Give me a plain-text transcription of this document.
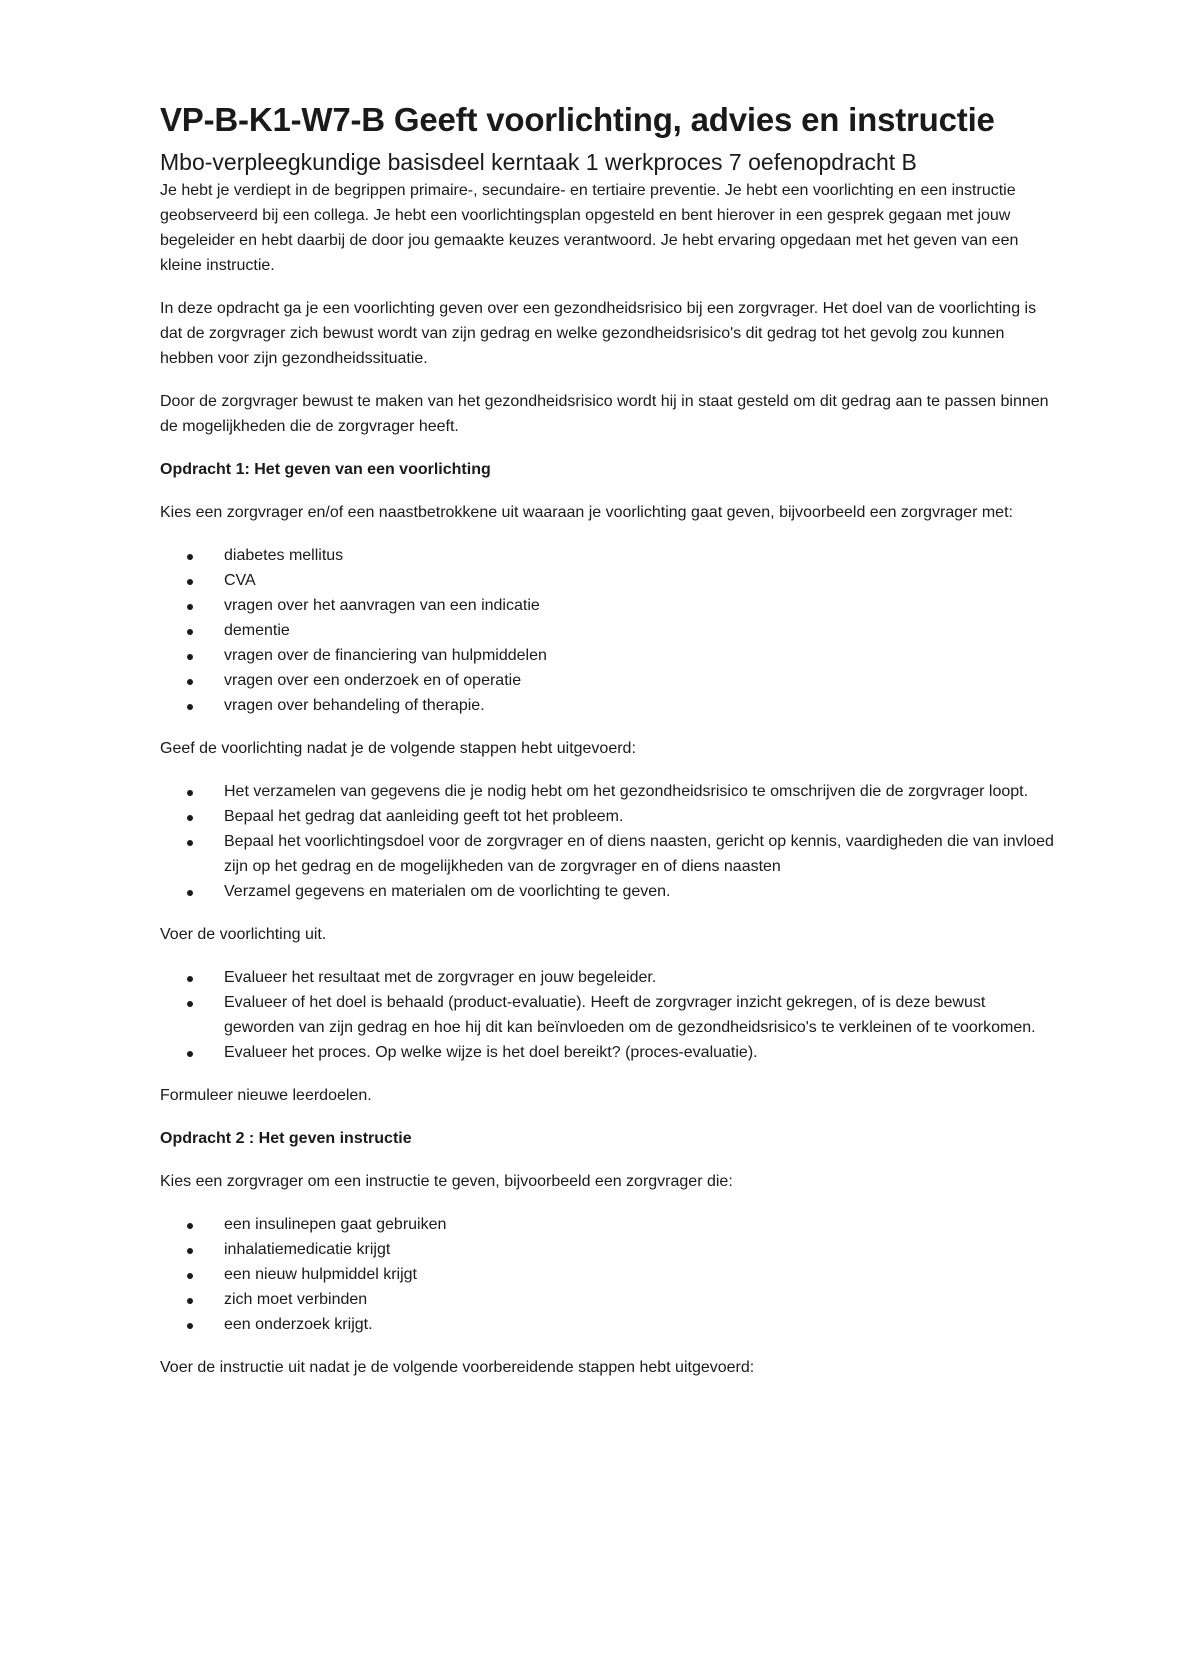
VP-B-K1-W7-B Geeft voorlichting, advies en instructie
Mbo-verpleegkundige basisdeel kerntaak 1 werkproces 7 oefenopdracht B

Je hebt je verdiept in de begrippen primaire-, secundaire- en tertiaire preventie. Je hebt een voorlichting en een instructie geobserveerd bij een collega. Je hebt een voorlichtingsplan opgesteld en bent hierover in een gesprek gegaan met jouw begeleider en hebt daarbij de door jou gemaakte keuzes verantwoord. Je hebt ervaring opgedaan met het geven van een kleine instructie.

In deze opdracht ga je een voorlichting geven over een gezondheidsrisico bij een zorgvrager. Het doel van de voorlichting is dat de zorgvrager zich bewust wordt van zijn gedrag en welke gezondheidsrisico's dit gedrag tot het gevolg zou kunnen hebben voor zijn gezondheidssituatie.

Door de zorgvrager bewust te maken van het gezondheidsrisico wordt hij in staat gesteld om dit gedrag aan te passen binnen de mogelijkheden die de zorgvrager heeft.

Opdracht 1: Het geven van een voorlichting

Kies een zorgvrager en/of een naastbetrokkene uit waaraan je voorlichting gaat geven, bijvoorbeeld een zorgvrager met:

diabetes mellitus
CVA
vragen over het aanvragen van een indicatie
dementie
vragen over de financiering van hulpmiddelen
vragen over een onderzoek en of operatie
vragen over behandeling of therapie.

Geef de voorlichting nadat je de volgende stappen hebt uitgevoerd:

Het verzamelen van gegevens die je nodig hebt om het gezondheidsrisico te omschrijven die de zorgvrager loopt.
Bepaal het gedrag dat aanleiding geeft tot het probleem.
Bepaal het voorlichtingsdoel voor de zorgvrager en of diens naasten, gericht op kennis, vaardigheden die van invloed zijn op het gedrag en de mogelijkheden van de zorgvrager en of diens naasten
Verzamel gegevens en materialen om de voorlichting te geven.

Voer de voorlichting uit.

Evalueer het resultaat met de zorgvrager en jouw begeleider.
Evalueer of het doel is behaald (product-evaluatie). Heeft de zorgvrager inzicht gekregen, of is deze bewust geworden van zijn gedrag en hoe hij dit kan beïnvloeden om de gezondheidsrisico's te verkleinen of te voorkomen.
Evalueer het proces. Op welke wijze is het doel bereikt? (proces-evaluatie).

Formuleer nieuwe leerdoelen.

Opdracht 2 : Het geven instructie

Kies een zorgvrager om een instructie te geven, bijvoorbeeld een zorgvrager die:

een insulinepen gaat gebruiken
inhalatiemedicatie krijgt
een nieuw hulpmiddel krijgt
zich moet verbinden
een onderzoek krijgt.

Voer de instructie uit nadat je de volgende voorbereidende stappen hebt uitgevoerd:
